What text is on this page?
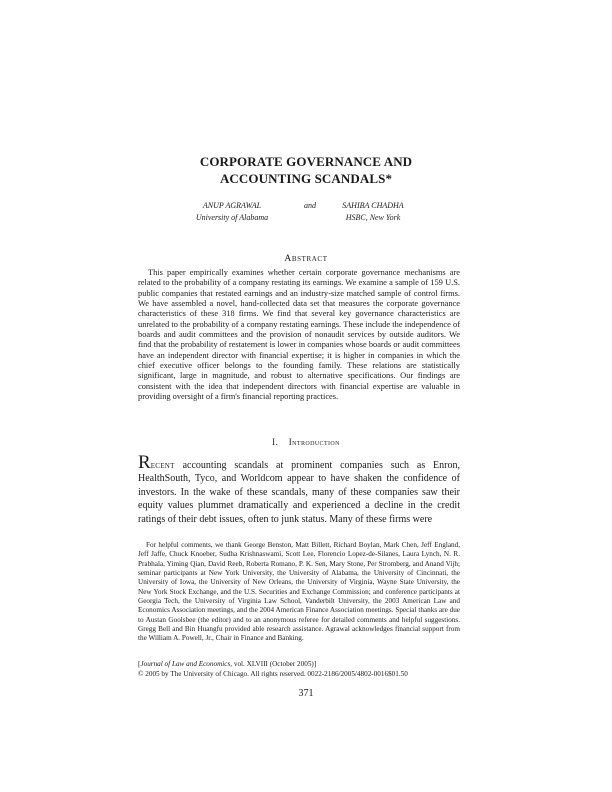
CORPORATE GOVERNANCE AND
ACCOUNTING SCANDALS*
ANUP AGRAWAL
University of Alabama
and	SAHIBA CHADHA
HSBC, New York
Abstract
This paper empirically examines whether certain corporate governance mechanisms are related to the probability of a company restating its earnings. We examine a sample of 159 U.S. public companies that restated earnings and an industry-size matched sample of control firms. We have assembled a novel, hand-collected data set that measures the corporate governance characteristics of these 318 firms. We find that several key governance characteristics are unrelated to the probability of a company restating earnings. These include the independence of boards and audit committees and the provision of nonaudit services by outside auditors. We find that the probability of restatement is lower in companies whose boards or audit committees have an independent director with financial expertise; it is higher in companies in which the chief executive officer belongs to the founding family. These relations are statistically significant, large in magnitude, and robust to alternative specifications. Our findings are consistent with the idea that independent directors with financial expertise are valuable in providing oversight of a firm's financial reporting practices.
I. Introduction
Recent accounting scandals at prominent companies such as Enron, HealthSouth, Tyco, and Worldcom appear to have shaken the confidence of investors. In the wake of these scandals, many of these companies saw their equity values plummet dramatically and experienced a decline in the credit ratings of their debt issues, often to junk status. Many of these firms were
For helpful comments, we thank George Benston, Matt Billett, Richard Boylan, Mark Chen, Jeff England, Jeff Jaffe, Chuck Knoeber, Sudha Krishnaswami, Scott Lee, Florencio Lopez-de-Silanes, Laura Lynch, N. R. Prabhala, Yiming Qian, David Reeb, Roberta Romano, P. K. Sen, Mary Stone, Per Stromberg, and Anand Vijh; seminar participants at New York University, the University of Alabama, the University of Cincinnati, the University of Iowa, the University of New Orleans, the University of Virginia, Wayne State University, the New York Stock Exchange, and the U.S. Securities and Exchange Commission; and conference participants at Georgia Tech, the University of Virginia Law School, Vanderbilt University, the 2003 American Law and Economics Association meetings, and the 2004 American Finance Association meetings. Special thanks are due to Austan Goolsbee (the editor) and to an anonymous referee for detailed comments and helpful suggestions. Gregg Bell and Bin Huangfu provided able research assistance. Agrawal acknowledges financial support from the William A. Powell, Jr., Chair in Finance and Banking.
[Journal of Law and Economics, vol. XLVIII (October 2005)]
© 2005 by The University of Chicago. All rights reserved. 0022-2186/2005/4802-0016$01.50
371
